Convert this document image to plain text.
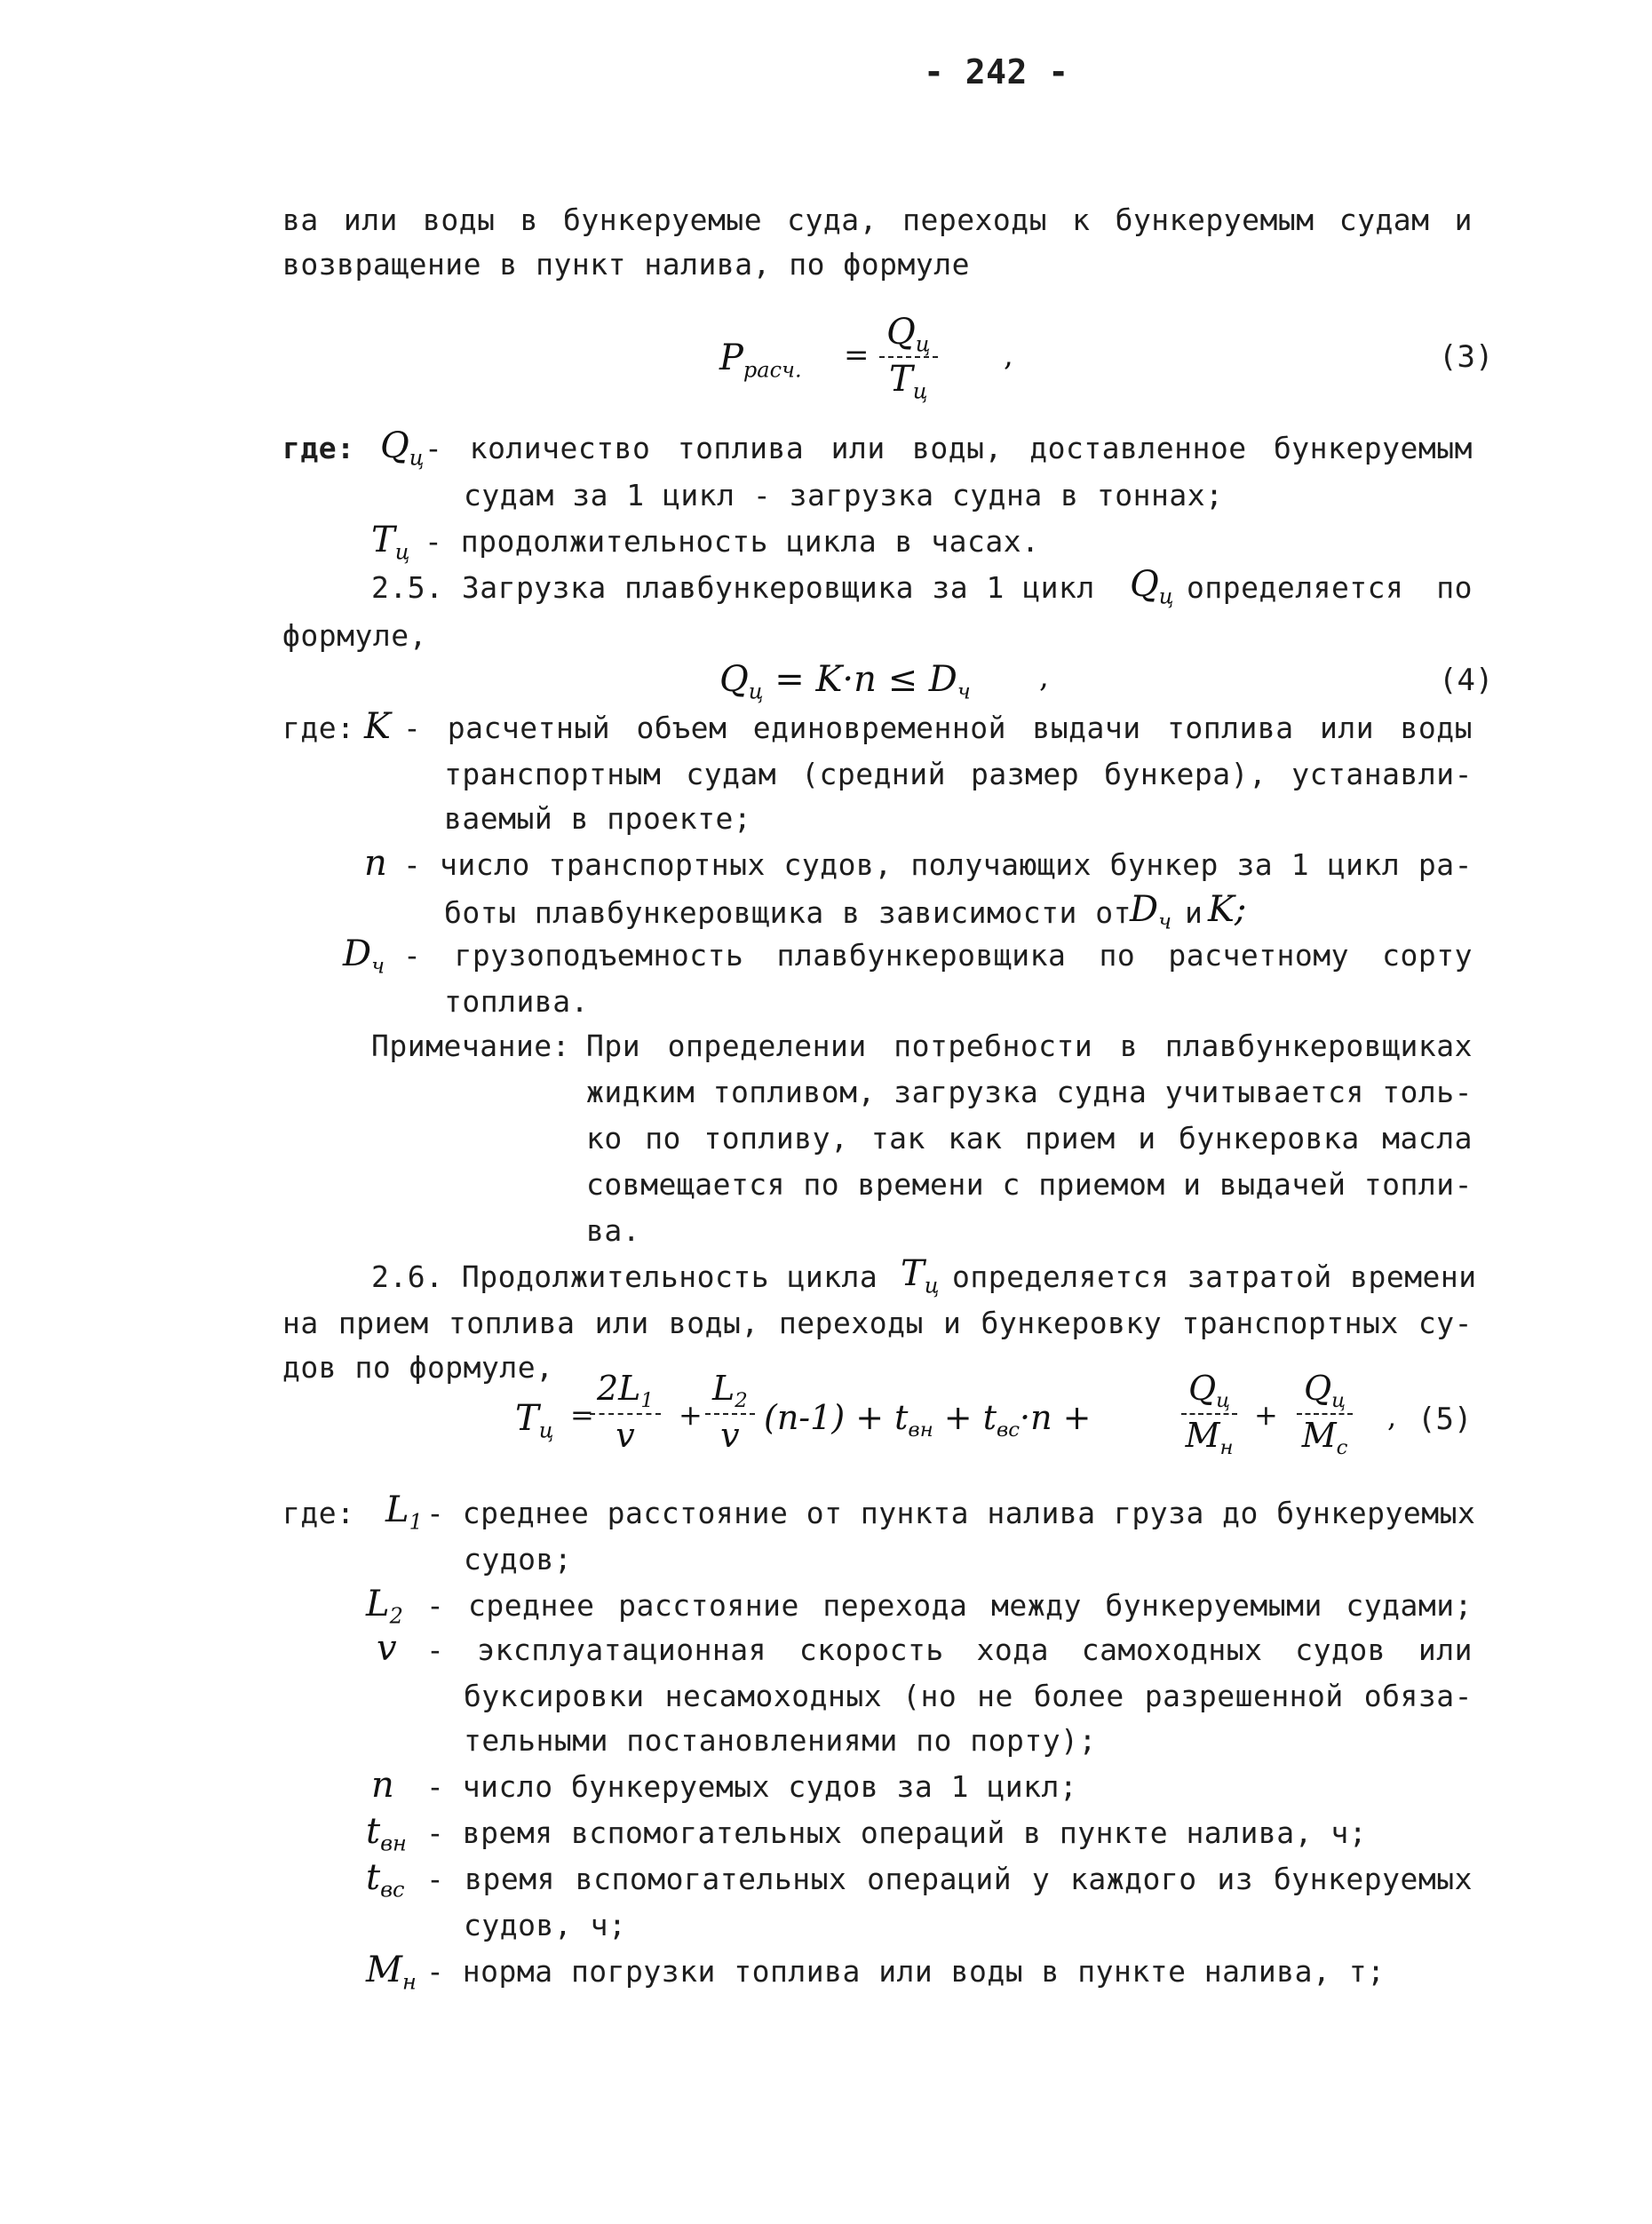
- 242 -
ва или воды в бункеруемые суда, переходы к бункеруемым судам и
возвращение в пункт налива, по формуле
$P_{расч.}$ =
$Q_ц$
$T_ц$
,	(3)
где: $Q_ц$ - количество топлива или воды, доставленное бункеруемым
судам за 1 цикл - загрузка судна в тоннах;
$T_ц$ - продолжительность цикла в часах.
2.5. Загрузка плавбункеровщика за 1 цикл $Q_ц$ определяется по
формуле,
$Q_ц = K\cdot n \le D_ч$ ,	(4)
где: K - расчетный объем единовременной выдачи топлива или воды
транспортным судам (средний размер бункера), устанавли-
ваемый в проекте;
n - число транспортных судов, получающих бункер за 1 цикл ра-
боты плавбункеровщика в зависимости от
$D_ч$ и K;
$D_ч$ - грузоподъемность плавбункеровщика по расчетному сорту
топлива.
Примечание: При определении потребности в плавбункеровщиках
жидким топливом, загрузка судна учитывается толь-
ко по топливу, так как прием и бункеровка масла
совмещается по времени с приемом и выдачей топли-
ва.
2.6. Продолжительность цикла $T_ц$ определяется затратой времени
на прием топлива или воды, переходы и бункеровку транспортных су-
дов по формуле,
$T_ц$ =
$\frac{2L_1}{v} + \frac{L_2}{v} (n-1) + t_{вн} + t_{вс}\cdot n$ +
$Q_ц$
$M_н$
+
$Q_ц$
$M_с$
, (5)
где: $L_1$ - среднее расстояние от пункта налива груза до бункеруемых
судов;
$L_2$ - среднее расстояние перехода между бункеруемыми судами;
v - эксплуатационная скорость хода самоходных судов или
буксировки несамоходных (но не более разрешенной обяза-
тельными постановлениями по порту);
n - число бункеруемых судов за 1 цикл;
$t_{вн}$ - время вспомогательных операций в пункте налива, ч;
$t_{вс}$ - время вспомогательных операций у каждого из бункеруемых
судов, ч;
$M_н$ - норма погрузки топлива или воды в пункте налива, т;
